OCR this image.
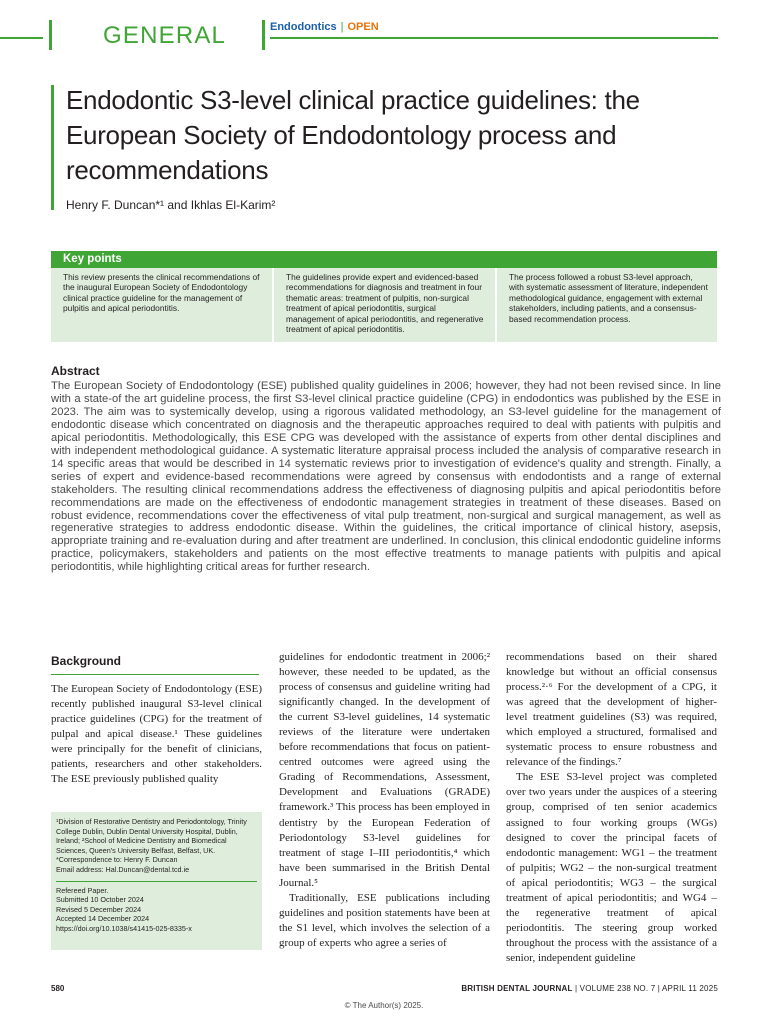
GENERAL	Endodontics | OPEN
Endodontic S3-level clinical practice guidelines: the European Society of Endodontology process and recommendations
Henry F. Duncan*¹ and Ikhlas El-Karim²
Key points
This review presents the clinical recommendations of the inaugural European Society of Endodontology clinical practice guideline for the management of pulpitis and apical periodontitis.
The guidelines provide expert and evidenced-based recommendations for diagnosis and treatment in four thematic areas: treatment of pulpitis, non-surgical treatment of apical periodontitis, surgical management of apical periodontitis, and regenerative treatment of apical periodontitis.
The process followed a robust S3-level approach, with systematic assessment of literature, independent methodological guidance, engagement with external stakeholders, including patients, and a consensus-based recommendation process.
Abstract
The European Society of Endodontology (ESE) published quality guidelines in 2006; however, they had not been revised since. In line with a state-of the art guideline process, the first S3-level clinical practice guideline (CPG) in endodontics was published by the ESE in 2023. The aim was to systemically develop, using a rigorous validated methodology, an S3-level guideline for the management of endodontic disease which concentrated on diagnosis and the therapeutic approaches required to deal with patients with pulpitis and apical periodontitis. Methodologically, this ESE CPG was developed with the assistance of experts from other dental disciplines and with independent methodological guidance. A systematic literature appraisal process included the analysis of comparative research in 14 specific areas that would be described in 14 systematic reviews prior to investigation of evidence's quality and strength. Finally, a series of expert and evidence-based recommendations were agreed by consensus with endodontists and a range of external stakeholders. The resulting clinical recommendations address the effectiveness of diagnosing pulpitis and apical periodontitis before recommendations are made on the effectiveness of endodontic management strategies in treatment of these diseases. Based on robust evidence, recommendations cover the effectiveness of vital pulp treatment, non-surgical and surgical management, as well as regenerative strategies to address endodontic disease. Within the guidelines, the critical importance of clinical history, asepsis, appropriate training and re-evaluation during and after treatment are underlined. In conclusion, this clinical endodontic guideline informs practice, policymakers, stakeholders and patients on the most effective treatments to manage patients with pulpitis and apical periodontitis, while highlighting critical areas for further research.
Background

The European Society of Endodontology (ESE) recently published inaugural S3-level clinical practice guidelines (CPG) for the treatment of pulpal and apical disease.¹ These guidelines were principally for the benefit of clinicians, patients, researchers and other stakeholders. The ESE previously published quality

¹Division of Restorative Dentistry and Periodontology, Trinity College Dublin, Dublin Dental University Hospital, Dublin, Ireland; ²School of Medicine Dentistry and Biomedical Sciences, Queen's University Belfast, Belfast, UK.
*Correspondence to: Henry F. Duncan
Email address: Hal.Duncan@dental.tcd.ie
Refereed Paper.
Submitted 10 October 2024
Revised 5 December 2024
Accepted 14 December 2024
https://doi.org/10.1038/s41415-025-8335-x

guidelines for endodontic treatment in 2006;² however, these needed to be updated, as the process of consensus and guideline writing had significantly changed. In the development of the current S3-level guidelines, 14 systematic reviews of the literature were undertaken before recommendations that focus on patient-centred outcomes were agreed using the Grading of Recommendations, Assessment, Development and Evaluations (GRADE) framework.³ This process has been employed in dentistry by the European Federation of Periodontology S3-level guidelines for treatment of stage I–III periodontitis,⁴ which have been summarised in the British Dental Journal.⁵

Traditionally, ESE publications including guidelines and position statements have been at the S1 level, which involves the selection of a group of experts who agree a series of

recommendations based on their shared knowledge but without an official consensus process.²·⁶ For the development of a CPG, it was agreed that the development of higher-level treatment guidelines (S3) was required, which employed a structured, formalised and systematic process to ensure robustness and relevance of the findings.⁷

The ESE S3-level project was completed over two years under the auspices of a steering group, comprised of ten senior academics assigned to four working groups (WGs) designed to cover the principal facets of endodontic management: WG1 – the treatment of pulpitis; WG2 – the non-surgical treatment of apical periodontitis; WG3 – the surgical treatment of apical periodontitis; and WG4 – the regenerative treatment of apical periodontitis. The steering group worked throughout the process with the assistance of a senior, independent guideline

580	BRITISH DENTAL JOURNAL | VOLUME 238 NO. 7 | APRIL 11 2025
© The Author(s) 2025.
